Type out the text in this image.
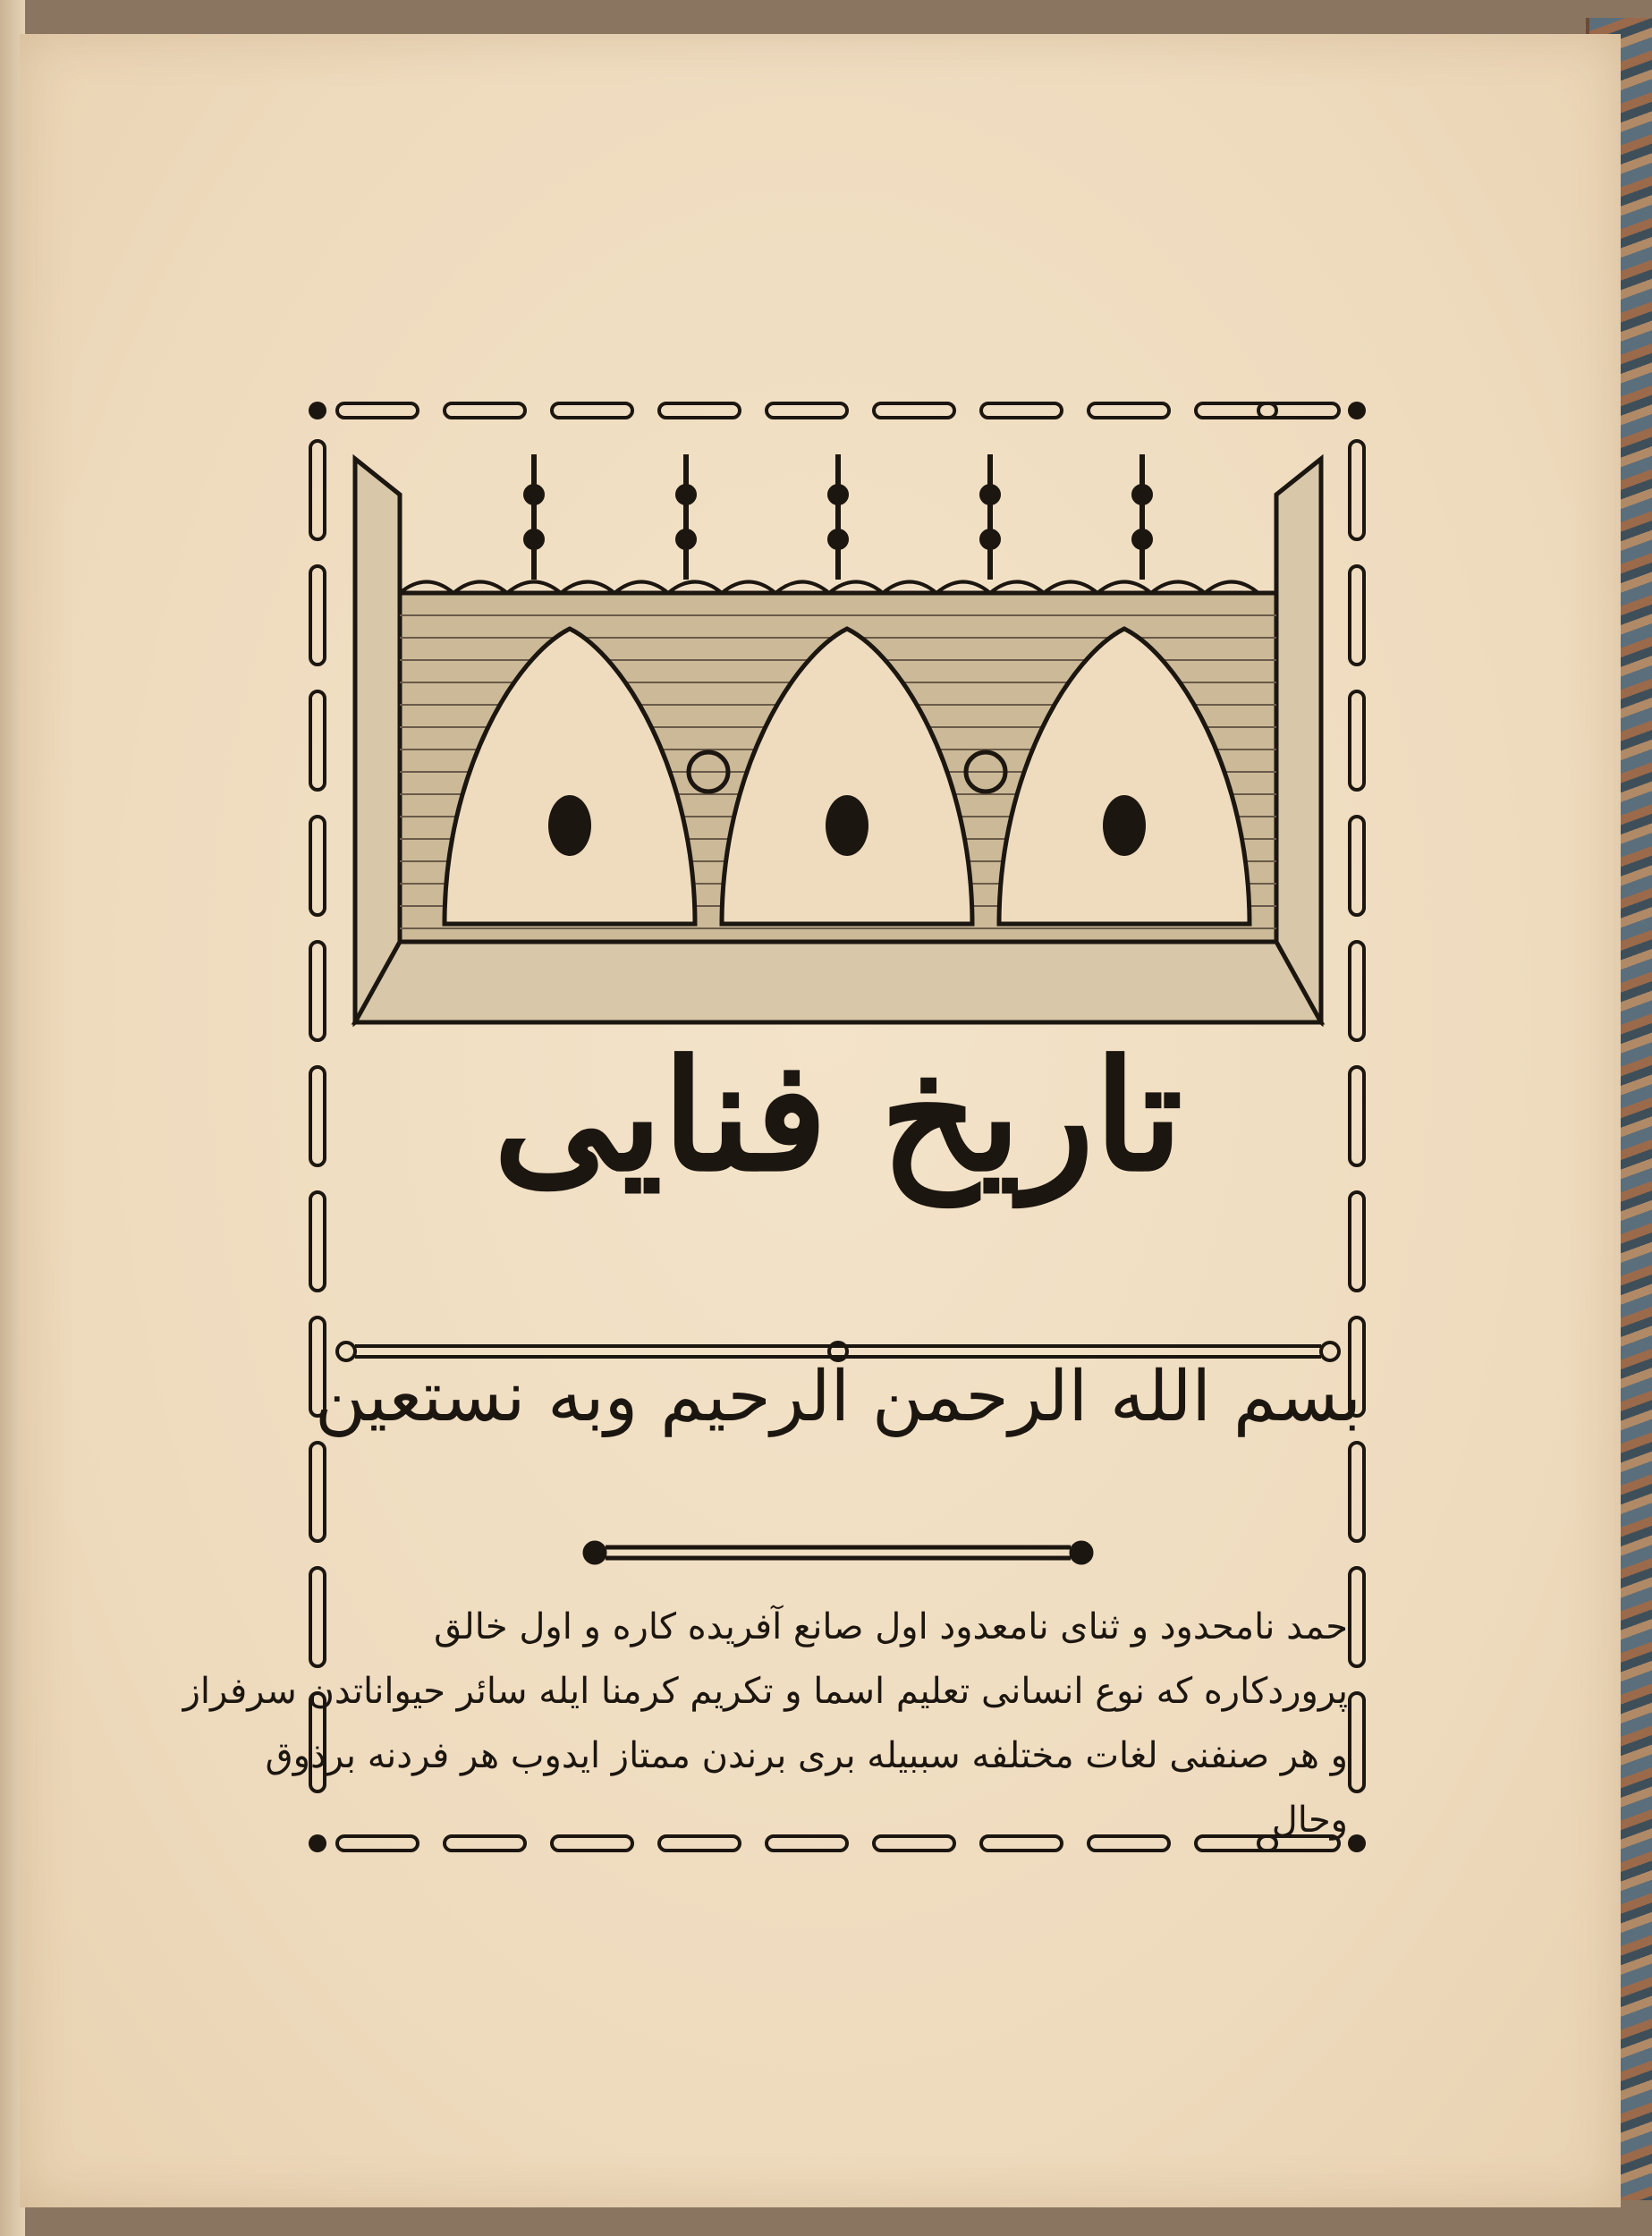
تاريخ فنايى
بسم الله الرحمن الرحيم وبه نستعين
حمد نامحدود و ثناى نامعدود اول صانع آفريده كاره و اول خالق
پروردكاره كه نوع انسانى تعليم اسما و تكريم كرمنا ايله سائر حيواناتدن سرفراز
و هر صنفنى لغات مختلفه سببيله برى برندن ممتاز ايدوب هر فردنه برذوق
وحال
